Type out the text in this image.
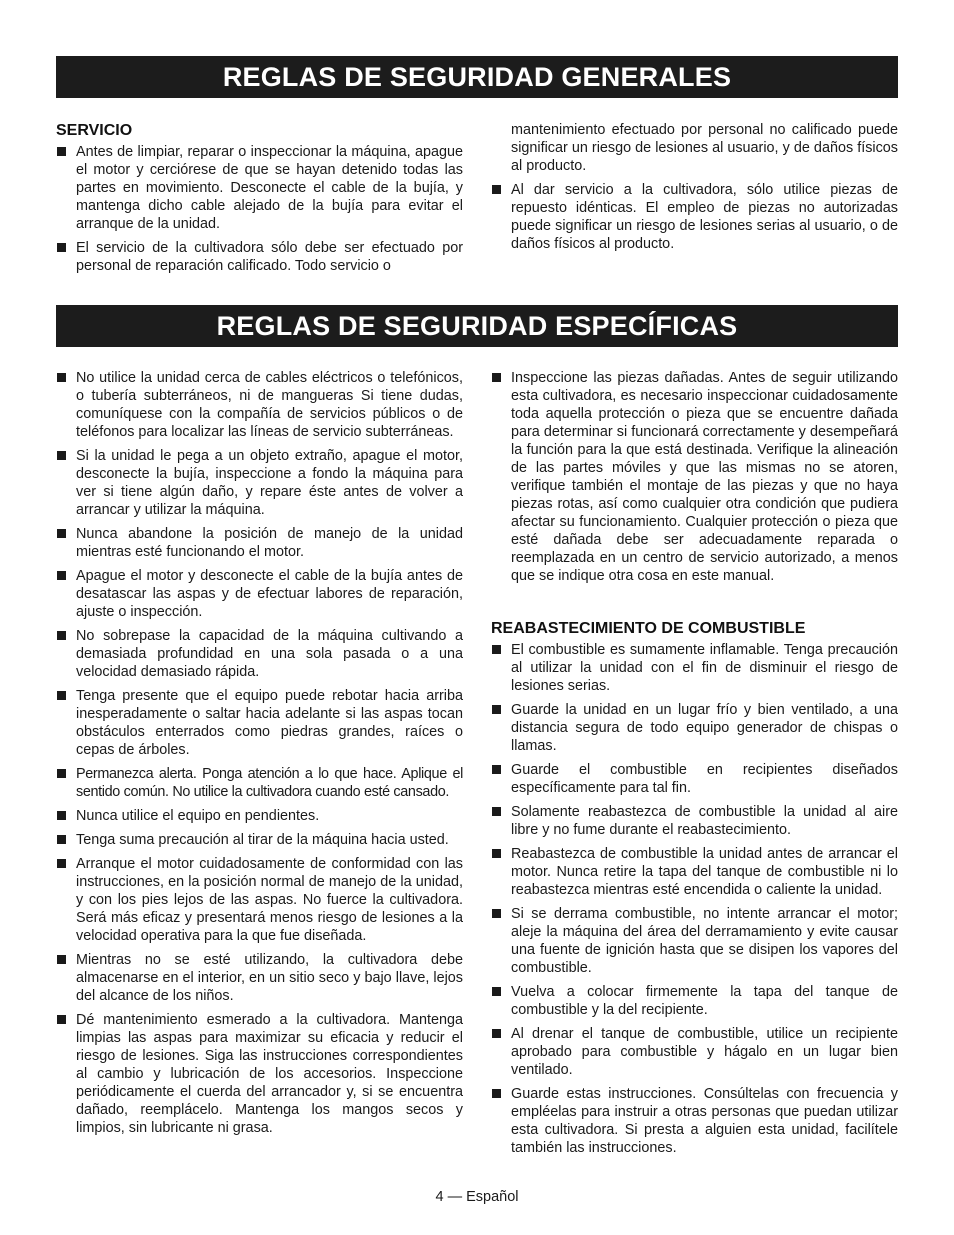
REGLAS DE SEGURIDAD GENERALES
SERVICIO
Antes de limpiar, reparar o inspeccionar la máquina, apague el motor y cerciórese de que se hayan detenido todas las partes en movimiento. Desconecte el cable de la bujía, y mantenga dicho cable alejado de la bujía para evitar el arranque de la unidad.
El servicio de la cultivadora sólo debe ser efectuado por personal de reparación calificado. Todo servicio o

mantenimiento efectuado por personal no calificado puede significar un riesgo de lesiones al usuario, y de daños físicos al producto.

Al dar servicio a la cultivadora, sólo utilice piezas de repuesto idénticas. El empleo de piezas no autorizadas puede significar un riesgo de lesiones serias al usuario, o de daños físicos al producto.
REGLAS DE SEGURIDAD ESPECÍFICAS
No utilice la unidad cerca de cables eléctricos o telefónicos, o tubería subterráneos, ni de mangueras Si tiene dudas, comuníquese con la compañía de servicios públicos o de teléfonos para localizar las líneas de servicio subterráneas.
Si la unidad le pega a un objeto extraño, apague el motor, desconecte la bujía, inspeccione a fondo la máquina para ver si tiene algún daño, y repare éste antes de volver a arrancar y utilizar la máquina.
Nunca abandone la posición de manejo de la unidad mientras esté funcionando el motor.
Apague el motor y desconecte el cable de la bujía antes de desatascar las aspas y de efectuar labores de reparación, ajuste o inspección.
No sobrepase la capacidad de la máquina cultivando a demasiada profundidad en una sola pasada o a una velocidad demasiado rápida.
Tenga presente que el equipo puede rebotar hacia arriba inesperadamente o saltar hacia adelante si las aspas tocan obstáculos enterrados como piedras grandes, raíces o cepas de árboles.
Permanezca alerta. Ponga atención a lo que hace. Aplique el sentido común. No utilice la cultivadora cuando esté cansado.
Nunca utilice el equipo en pendientes.
Tenga suma precaución al tirar de la máquina hacia usted.
Arranque el motor cuidadosamente de conformidad con las instrucciones, en la posición normal de manejo de la unidad, y con los pies lejos de las aspas. No fuerce la cultivadora. Será más eficaz y presentará menos riesgo de lesiones a la velocidad operativa para la que fue diseñada.
Mientras no se esté utilizando, la cultivadora debe almacenarse en el interior, en un sitio seco y bajo llave, lejos del alcance de los niños.
Dé mantenimiento esmerado a la cultivadora. Mantenga limpias las aspas para maximizar su eficacia y reducir el riesgo de lesiones. Siga las instrucciones correspondientes al cambio y lubricación de los accesorios. Inspeccione periódicamente el cuerda del arrancador y, si se encuentra dañado, reemplácelo. Mantenga los mangos secos y limpios, sin lubricante ni grasa.
Inspeccione las piezas dañadas. Antes de seguir utilizando esta cultivadora, es necesario inspeccionar cuidadosamente toda aquella protección o pieza que se encuentre dañada para determinar si funcionará correctamente y desempeñará la función para la que está destinada. Verifique la alineación de las partes móviles y que las mismas no se atoren, verifique también el montaje de las piezas y que no haya piezas rotas, así como cualquier otra condición que pudiera afectar su funcionamiento. Cualquier protección o pieza que esté dañada debe ser adecuadamente reparada o reemplazada en un centro de servicio autorizado, a menos que se indique otra cosa en este manual.
REABASTECIMIENTO DE COMBUSTIBLE
El combustible es sumamente inflamable. Tenga precaución al utilizar la unidad con el fin de disminuir el riesgo de lesiones serias.
Guarde la unidad en un lugar frío y bien ventilado, a una distancia segura de todo equipo generador de chispas o llamas.
Guarde el combustible en recipientes diseñados específicamente para tal fin.
Solamente reabastezca de combustible la unidad al aire libre y no fume durante el reabastecimiento.
Reabastezca de combustible la unidad antes de arrancar el motor. Nunca retire la tapa del tanque de combustible ni lo reabastezca mientras esté encendida o caliente la unidad.
Si se derrama combustible, no intente arrancar el motor; aleje la máquina del área del derramamiento y evite causar una fuente de ignición hasta que se disipen los vapores del combustible.
Vuelva a colocar firmemente la tapa del tanque de combustible y la del recipiente.
Al drenar el tanque de combustible, utilice un recipiente aprobado para combustible y hágalo en un lugar bien ventilado.
Guarde estas instrucciones. Consúltelas con frecuencia y empléelas para instruir a otras personas que puedan utilizar esta cultivadora. Si presta a alguien esta unidad, facilítele también las instrucciones.
4 — Español
